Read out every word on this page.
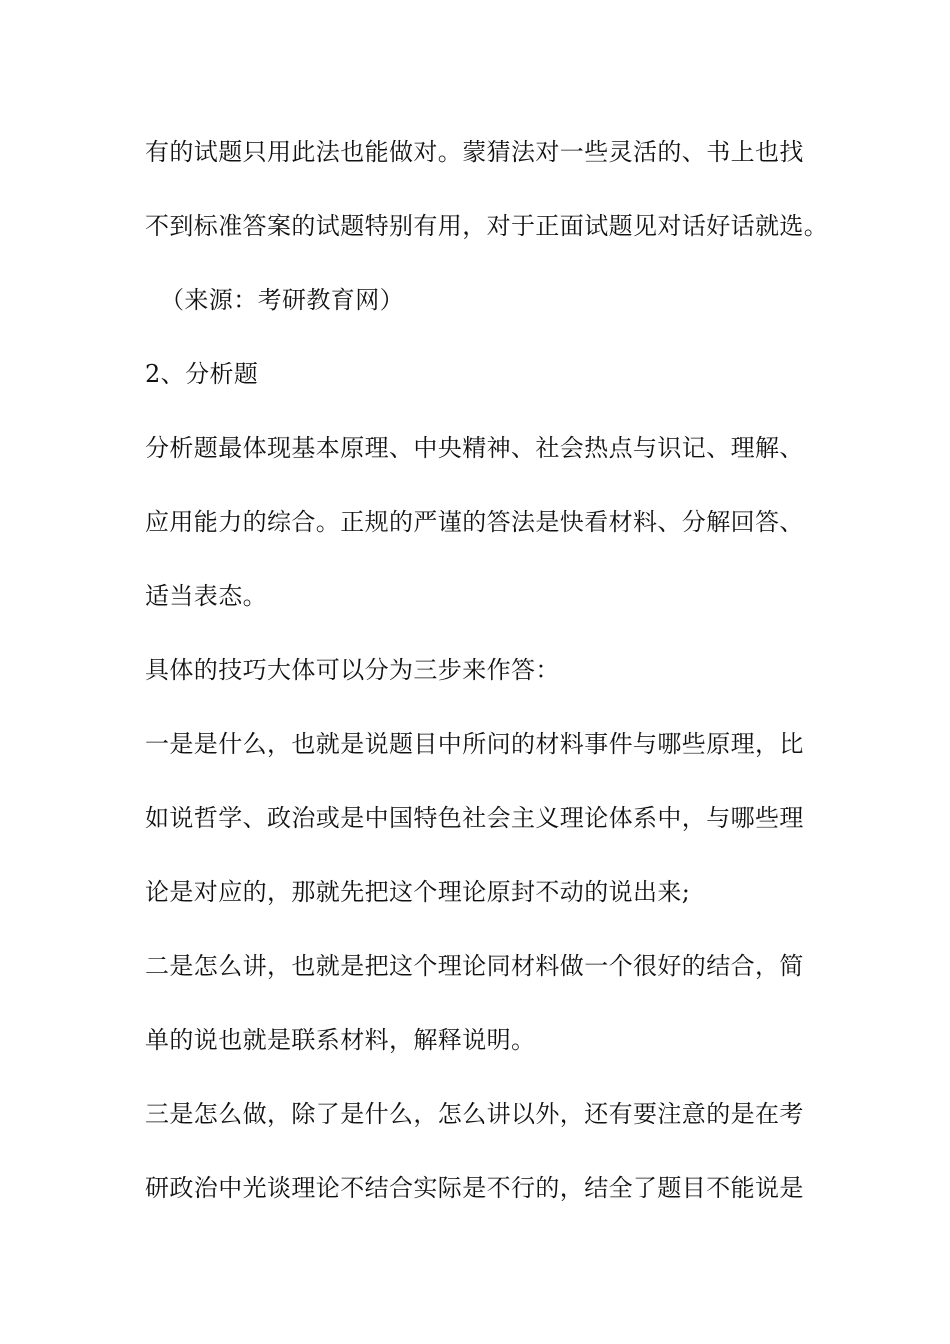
有的试题只用此法也能做对。蒙猜法对一些灵活的、书上也找
不到标准答案的试题特别有用，对于正面试题见对话好话就选。
（来源：考研教育网）
2、分析题
分析题最体现基本原理、中央精神、社会热点与识记、理解、
应用能力的综合。正规的严谨的答法是快看材料、分解回答、
适当表态。
具体的技巧大体可以分为三步来作答：
一是是什么，也就是说题目中所问的材料事件与哪些原理，比
如说哲学、政治或是中国特色社会主义理论体系中，与哪些理
论是对应的，那就先把这个理论原封不动的说出来;
二是怎么讲，也就是把这个理论同材料做一个很好的结合，简
单的说也就是联系材料，解释说明。
三是怎么做，除了是什么，怎么讲以外，还有要注意的是在考
研政治中光谈理论不结合实际是不行的，结全了题目不能说是
